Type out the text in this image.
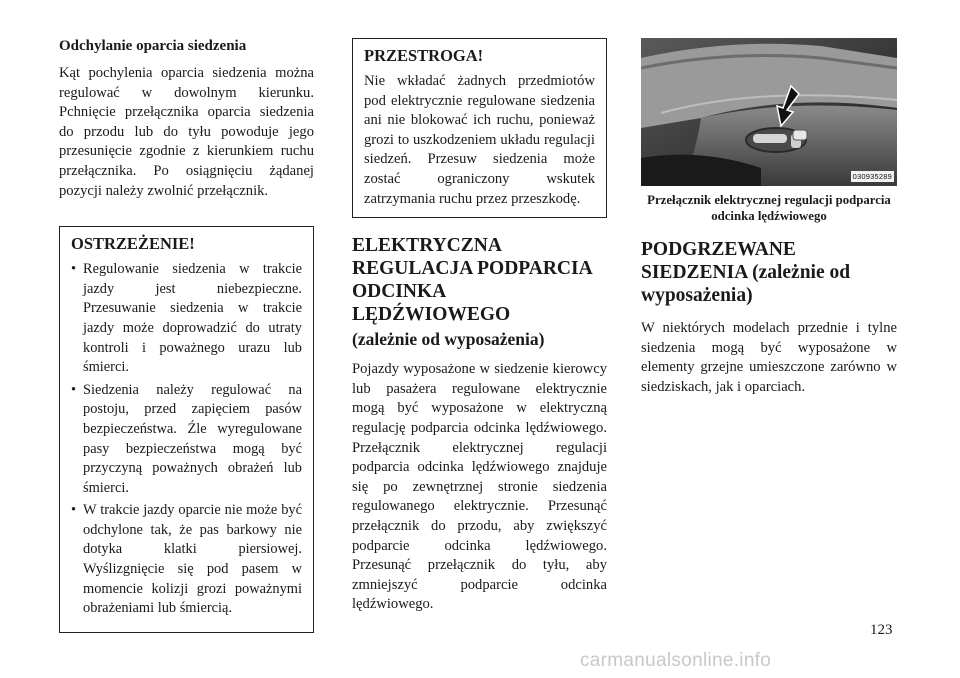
Odchylanie oparcia siedzenia

Kąt pochylenia oparcia siedzenia można regulować w dowolnym kierunku. Pchnięcie przełącznika oparcia siedzenia do przodu lub do tyłu powoduje jego przesunięcie zgodnie z kierunkiem ruchu przełącznika. Po osiągnięciu żądanej pozycji należy zwolnić przełącznik.

OSTRZEŻENIE!

• Regulowanie siedzenia w trakcie jazdy jest niebezpieczne. Przesuwanie siedzenia w trakcie jazdy może doprowadzić do utraty kontroli i poważnego urazu lub śmierci.
• Siedzenia należy regulować na postoju, przed zapięciem pasów bezpieczeństwa. Źle wyregulowane pasy bezpieczeństwa mogą być przyczyną poważnych obrażeń lub śmierci.
• W trakcie jazdy oparcie nie może być odchylone tak, że pas barkowy nie dotyka klatki piersiowej. Wyślizgnięcie się pod pasem w momencie kolizji grozi poważnymi obrażeniami lub śmiercią.

PRZESTROGA!

Nie wkładać żadnych przedmiotów pod elektrycznie regulowane siedzenia ani nie blokować ich ruchu, ponieważ grozi to uszkodzeniem układu regulacji siedzeń. Przesuw siedzenia może zostać ograniczony wskutek zatrzymania ruchu przez przeszkodę.

ELEKTRYCZNA REGULACJA PODPARCIA ODCINKA LĘDŹWIOWEGO

(zależnie od wyposażenia)

Pojazdy wyposażone w siedzenie kierowcy lub pasażera regulowane elektrycznie mogą być wyposażone w elektryczną regulację podparcia odcinka lędźwiowego. Przełącznik elektrycznej regulacji podparcia odcinka lędźwiowego znajduje się po zewnętrznej stronie siedzenia regulowanego elektrycznie. Przesunąć przełącznik do przodu, aby zwiększyć podparcie odcinka lędźwiowego. Przesunąć przełącznik do tyłu, aby zmniejszyć podparcie odcinka lędźwiowego.

030935289

Przełącznik elektrycznej regulacji podparcia odcinka lędźwiowego

PODGRZEWANE SIEDZENIA (zależnie od wyposażenia)

W niektórych modelach przednie i tylne siedzenia mogą być wyposażone w elementy grzejne umieszczone zarówno w siedziskach, jak i oparciach.

123
carmanualsonline.info
